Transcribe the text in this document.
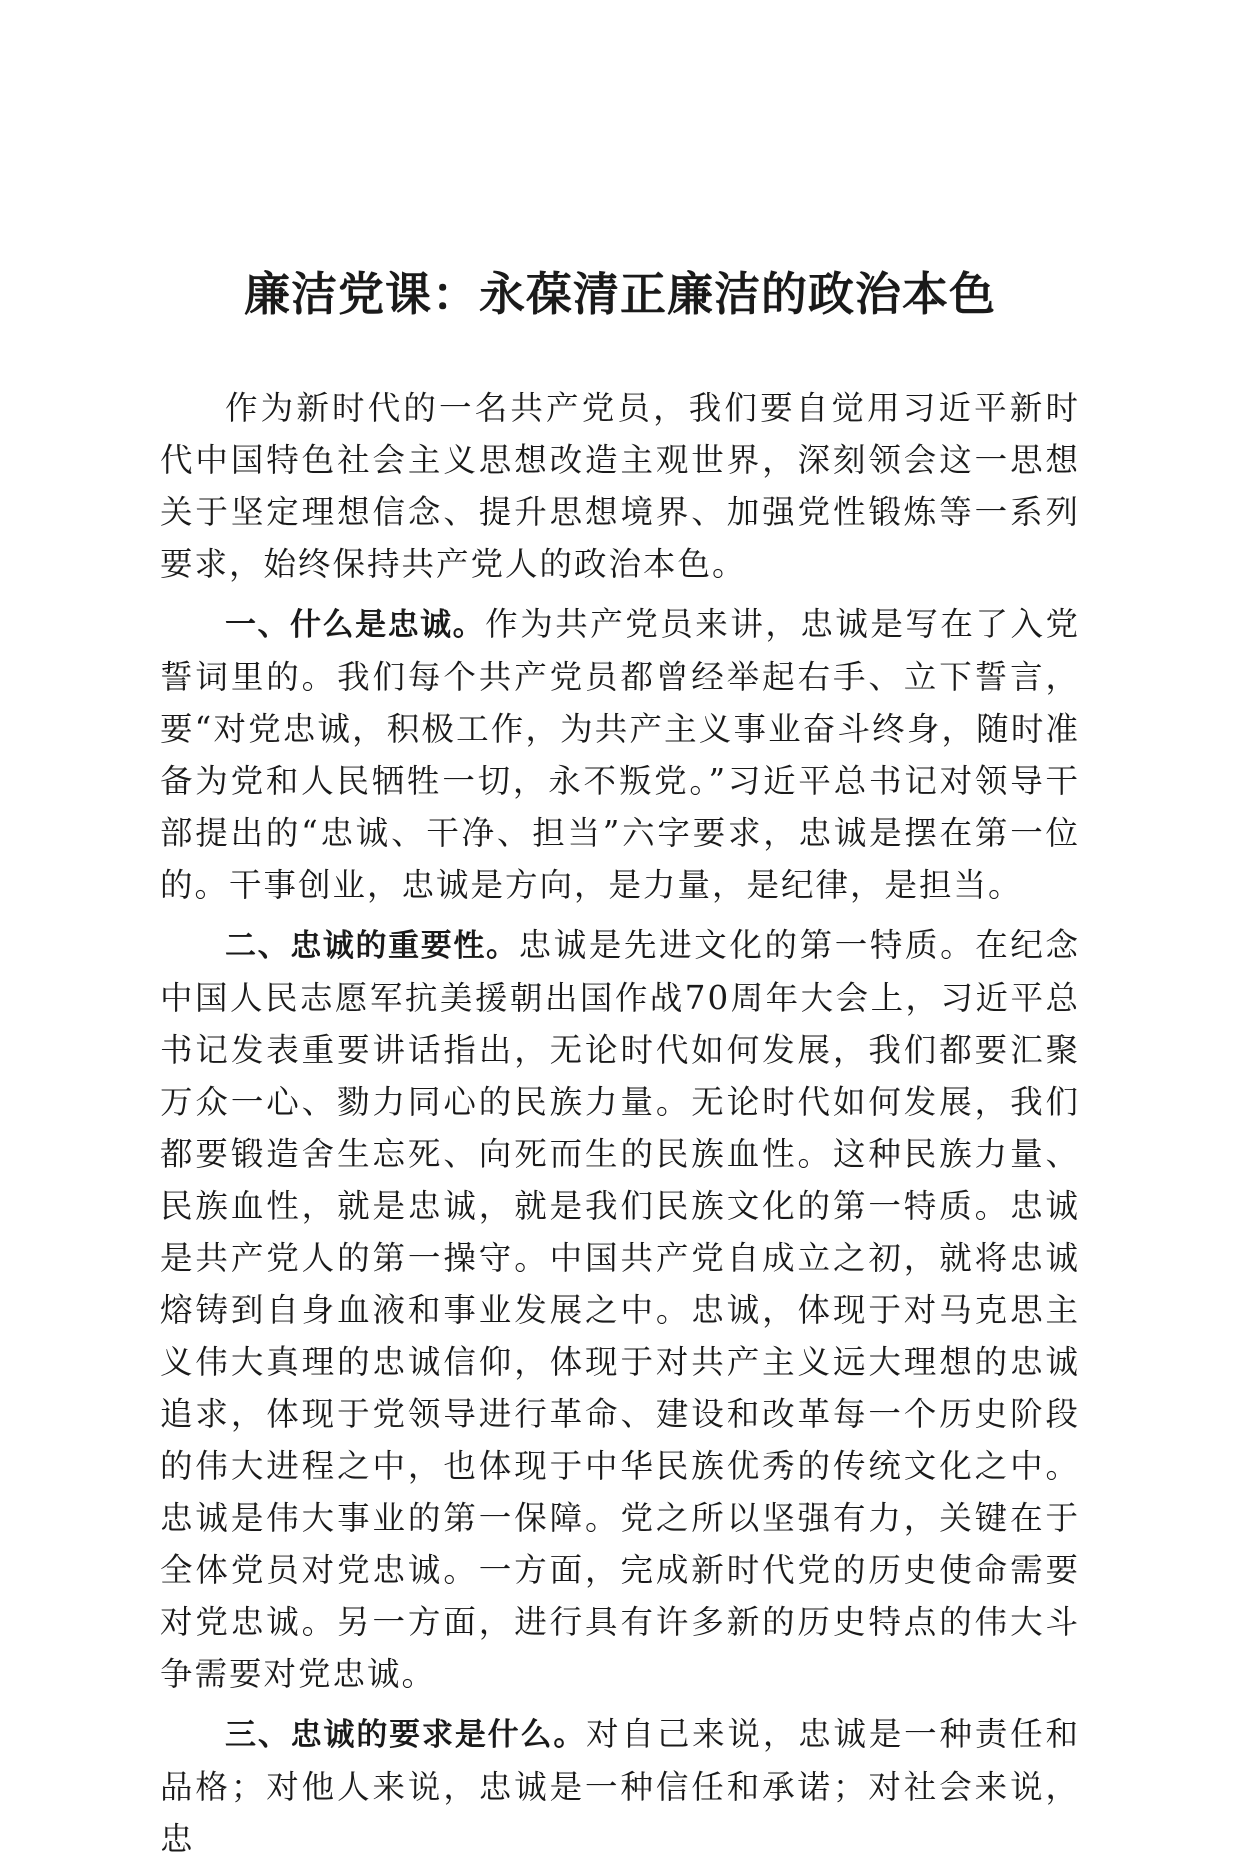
廉洁党课：永葆清正廉洁的政治本色

作为新时代的一名共产党员，我们要自觉用习近平新时代中国特色社会主义思想改造主观世界，深刻领会这一思想关于坚定理想信念、提升思想境界、加强党性锻炼等一系列要求，始终保持共产党人的政治本色。

一、什么是忠诚。作为共产党员来讲，忠诚是写在了入党誓词里的。我们每个共产党员都曾经举起右手、立下誓言，要“对党忠诚，积极工作，为共产主义事业奋斗终身，随时准备为党和人民牺牲一切，永不叛党。”习近平总书记对领导干部提出的“忠诚、干净、担当”六字要求，忠诚是摆在第一位的。干事创业，忠诚是方向，是力量，是纪律，是担当。

二、忠诚的重要性。忠诚是先进文化的第一特质。在纪念中国人民志愿军抗美援朝出国作战70周年大会上，习近平总书记发表重要讲话指出，无论时代如何发展，我们都要汇聚万众一心、勠力同心的民族力量。无论时代如何发展，我们都要锻造舍生忘死、向死而生的民族血性。这种民族力量、民族血性，就是忠诚，就是我们民族文化的第一特质。忠诚是共产党人的第一操守。中国共产党自成立之初，就将忠诚熔铸到自身血液和事业发展之中。忠诚，体现于对马克思主义伟大真理的忠诚信仰，体现于对共产主义远大理想的忠诚追求，体现于党领导进行革命、建设和改革每一个历史阶段的伟大进程之中，也体现于中华民族优秀的传统文化之中。忠诚是伟大事业的第一保障。党之所以坚强有力，关键在于全体党员对党忠诚。一方面，完成新时代党的历史使命需要对党忠诚。另一方面，进行具有许多新的历史特点的伟大斗争需要对党忠诚。

三、忠诚的要求是什么。对自己来说，忠诚是一种责任和品格；对他人来说，忠诚是一种信任和承诺；对社会来说，忠
